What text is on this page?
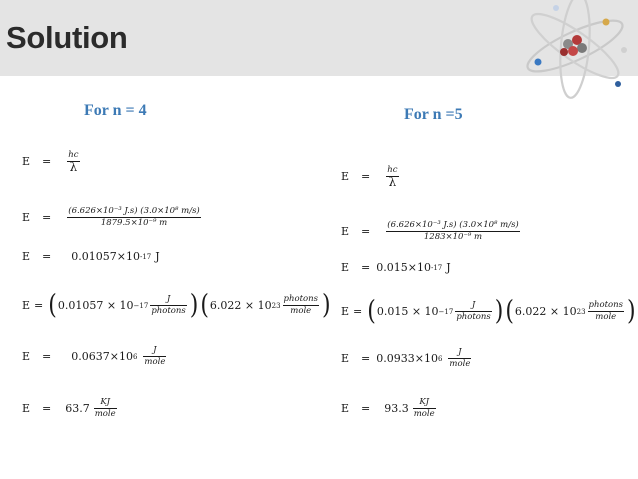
Solution
For n = 4
$E = \frac{hc}{\lambda}$
$E = \frac{\text{(6.626×10⁻³ J.s) (3.0×10⁸ m/s)}}{\text{1879.5×10⁻⁹ m}}$
E = 0.01057×10 -17 J
E = ( $0.01057 \times 10 -17 \frac{J}{\text{photons}}$ ) ( 6.022 × 10 $23 \frac{\text{photons}}{\text{mole}}$ )
E = 0.0637×10 $6 \frac{J}{\text{mole}}$
$E = 63.7 \frac{KJ}{\text{mole}}$
For n =5
$E = \frac{hc}{\lambda}$
$E = \frac{\text{(6.626×10⁻³ J.s) (3.0×10⁸ m/s)}}{\text{1283×10⁻⁹ m}}$
E = 0.015×10 -17 J
E = ( $0.015 \times 10 -17 \frac{J}{\text{photons}}$ ) ( 6.022 × 10 $23 \frac{\text{photons}}{\text{mole}}$ )
E = 0.0933×10 $6 \frac{J}{\text{mole}}$
$E = 93.3 \frac{KJ}{\text{mole}}$
